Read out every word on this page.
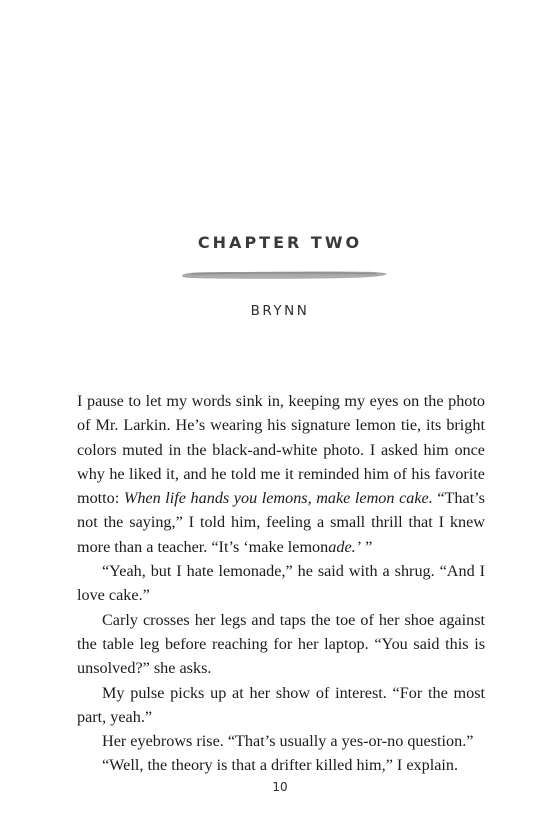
CHAPTER TWO
BRYNN

I pause to let my words sink in, keeping my eyes on the photo of Mr. Larkin. He’s wearing his signature lemon tie, its bright colors muted in the black-and-white photo. I asked him once why he liked it, and he told me it reminded him of his favorite motto: When life hands you lemons, make lemon cake. “That’s not the saying,” I told him, feeling a small thrill that I knew more than a teacher. “It’s ‘make lemonade.’ ”

“Yeah, but I hate lemonade,” he said with a shrug. “And I love cake.”

Carly crosses her legs and taps the toe of her shoe against the table leg before reaching for her laptop. “You said this is unsolved?” she asks.

My pulse picks up at her show of interest. “For the most part, yeah.”

Her eyebrows rise. “That’s usually a yes-or-no question.”

“Well, the theory is that a drifter killed him,” I explain.

10
